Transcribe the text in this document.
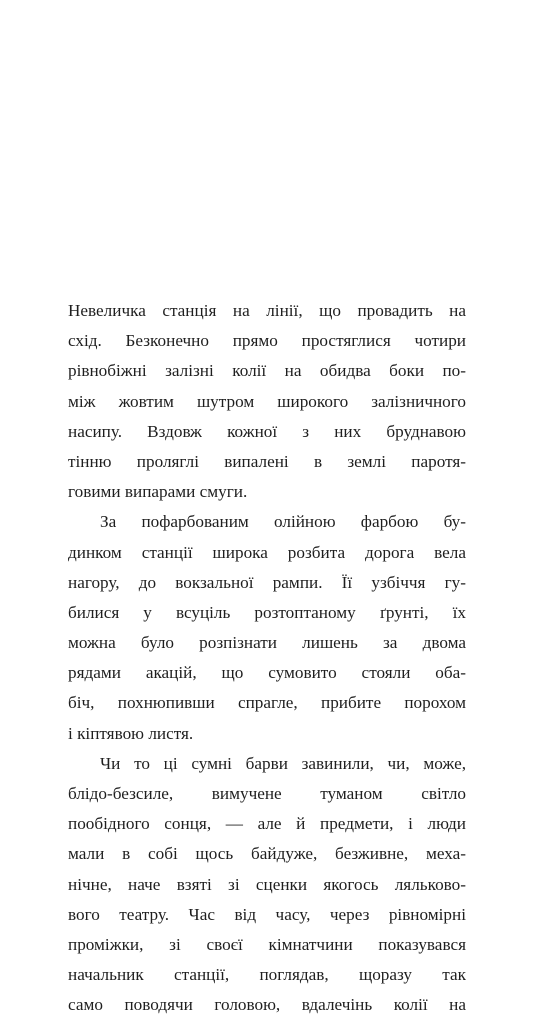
Невеличка станція на лінії, що провадить на
схід. Безконечно прямо простяглися чотири
рівнобіжні залізні колії на обидва боки по-
між жовтим шутром широкого залізничного
насипу. Вздовж кожної з них бруднавою
тінню проляглі випалені в землі паротя-
говими випарами смуги.
За пофарбованим олійною фарбою бу-
динком станції широка розбита дорога вела
нагору, до вокзальної рампи. Її узбіччя гу-
билися у всуціль розтоптаному ґрунті, їх
можна було розпізнати лишень за двома
рядами акацій, що сумовито стояли оба-
біч, похнюпивши спрагле, прибите порохом
і кіптявою листя.
Чи то ці сумні барви завинили, чи, може,
блідо-безсиле, вимучене туманом світло
пообідного сонця, — але й предмети, і люди
мали в собі щось байдуже, безживне, меха-
нічне, наче взяті зі сценки якогось ляльково-
вого театру. Час від часу, через рівномірні
проміжки, зі своєї кімнатчини показувався
начальник станції, поглядав, щоразу так
само поводячи головою, вдалечінь колії на
